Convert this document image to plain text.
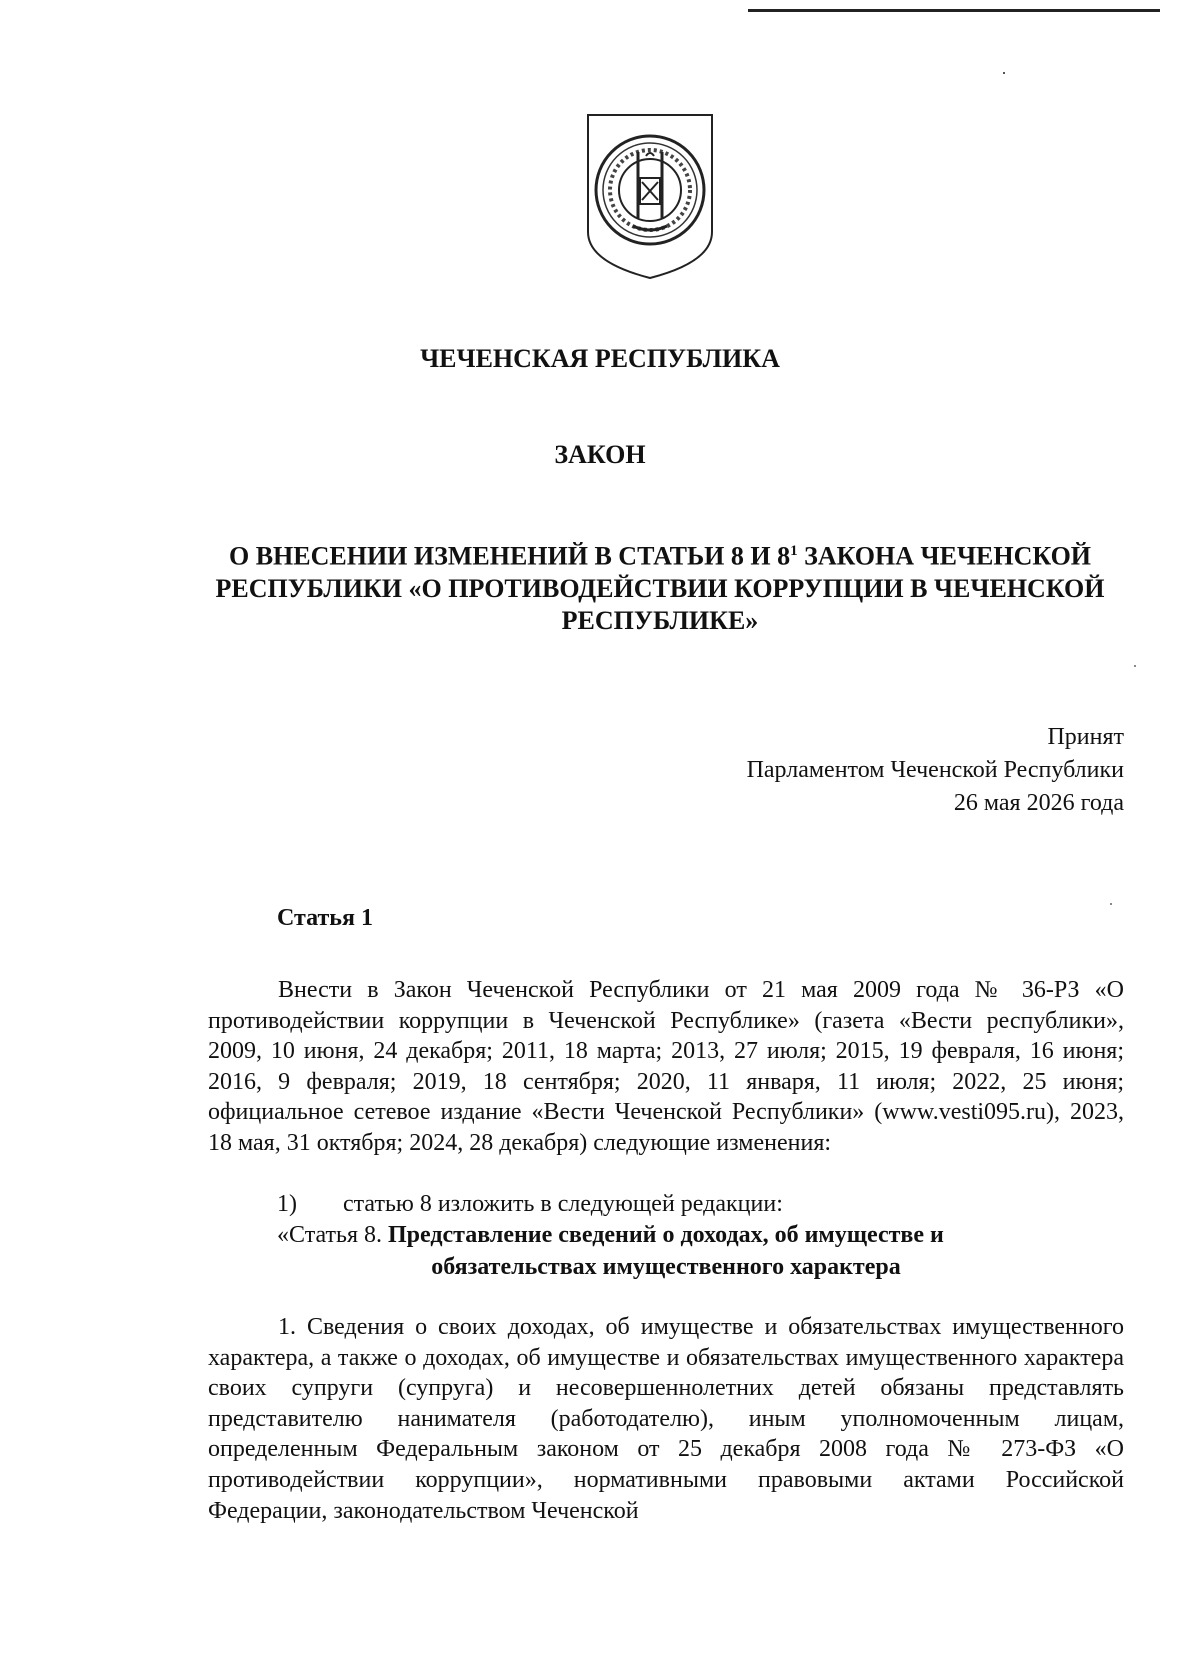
ЧЕЧЕНСКАЯ РЕСПУБЛИКА
ЗАКОН
О ВНЕСЕНИИ ИЗМЕНЕНИЙ В СТАТЬИ 8 И $8^1$ ЗАКОНА ЧЕЧЕНСКОЙ РЕСПУБЛИКИ «О ПРОТИВОДЕЙСТВИИ КОРРУПЦИИ В ЧЕЧЕНСКОЙ РЕСПУБЛИКЕ»
Принят
Парламентом Чеченской Республики
26 мая 2026 года
Статья 1
Внести в Закон Чеченской Республики от 21 мая 2009 года № 36-РЗ «О противодействии коррупции в Чеченской Республике» (газета «Вести республики», 2009, 10 июня, 24 декабря; 2011, 18 марта; 2013, 27 июля; 2015, 19 февраля, 16 июня; 2016, 9 февраля; 2019, 18 сентября; 2020, 11 января, 11 июля; 2022, 25 июня; официальное сетевое издание «Вести Чеченской Республики» (www.vesti095.ru), 2023, 18 мая, 31 октября; 2024, 28 декабря) следующие изменения:
1) статью 8 изложить в следующей редакции:
«Статья 8. Представление сведений о доходах, об имуществе и
обязательствах имущественного характера
1. Сведения о своих доходах, об имуществе и обязательствах имущественного характера, а также о доходах, об имуществе и обязательствах имущественного характера своих супруги (супруга) и несовершеннолетних детей обязаны представлять представителю нанимателя (работодателю), иным уполномоченным лицам, определенным Федеральным законом от 25 декабря 2008 года № 273-ФЗ «О противодействии коррупции», нормативными правовыми актами Российской Федерации, законодательством Чеченской
